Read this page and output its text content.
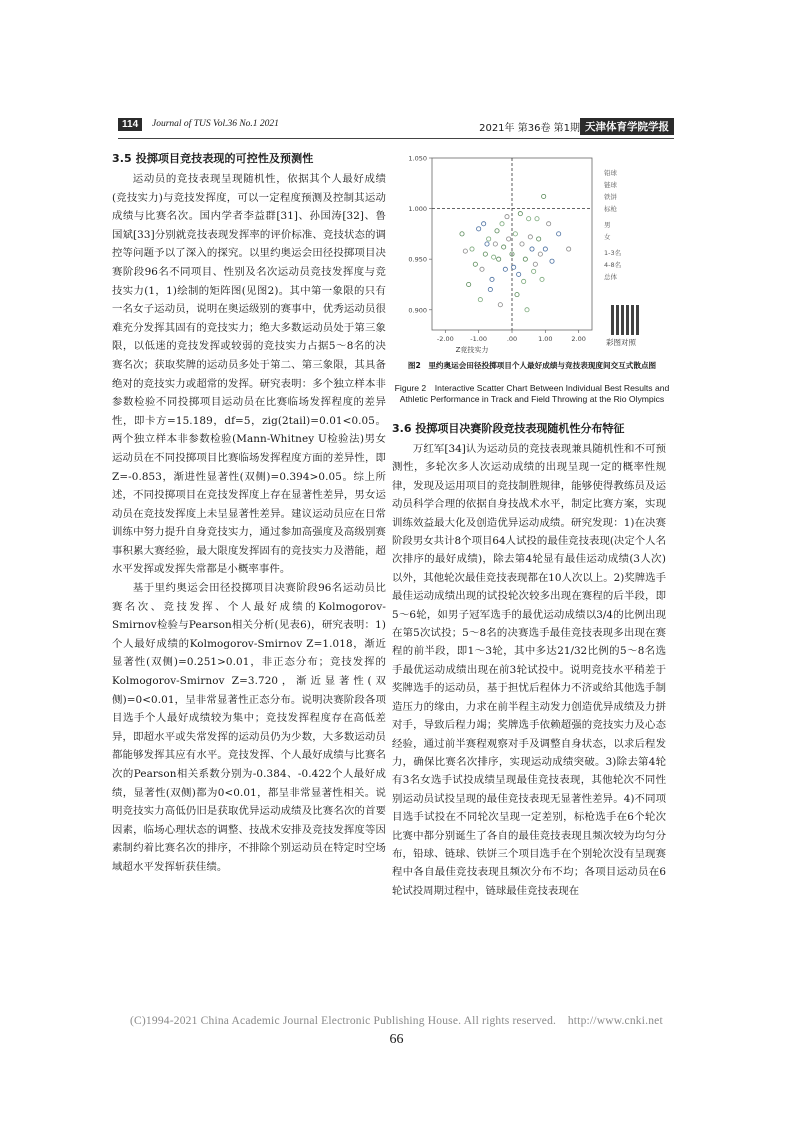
114	Journal of TUS Vol.36 No.1 2021	2021年 第36卷 第1期 天津体育学院学报
3.5 投掷项目竞技表现的可控性及预测性

运动员的竞技表现呈现随机性，依据其个人最好成绩(竞技实力)与竞技发挥度，可以一定程度预测及控制其运动成绩与比赛名次。国内学者李益群[31]、孙国涛[32]、鲁国斌[33]分别就竞技表现发挥率的评价标准、竞技状态的调控等问题予以了深入的探究。以里约奥运会田径投掷项目决赛阶段96名不同项目、性别及名次运动员竞技发挥度与竞技实力(1，1)绘制的矩阵图(见图2)。其中第一象限的只有一名女子运动员，说明在奥运级别的赛事中，优秀运动员很难充分发挥其固有的竞技实力；绝大多数运动员处于第三象限，以低迷的竞技发挥或较弱的竞技实力占据5～8名的决赛名次；获取奖牌的运动员多处于第二、第三象限，其具备绝对的竞技实力或超常的发挥。研究表明：多个独立样本非参数检验不同投掷项目运动员在比赛临场发挥程度的差异性，即卡方=15.189，df=5，zig(2tail)=0.01<0.05。两个独立样本非参数检验(Mann-Whitney U检验法)男女运动员在不同投掷项目比赛临场发挥程度方面的差异性，即Z=-0.853，渐进性显著性(双侧)=0.394>0.05。综上所述，不同投掷项目在竞技发挥度上存在显著性差异，男女运动员在竞技发挥度上未呈显著性差异。建议运动员应在日常训练中努力提升自身竞技实力，通过参加高强度及高级别赛事积累大赛经验，最大限度发挥固有的竞技实力及潜能，超水平发挥或发挥失常都是小概率事件。

基于里约奥运会田径投掷项目决赛阶段96名运动员比赛名次、竞技发挥、个人最好成绩的Kolmogorov-Smirnov检验与Pearson相关分析(见表6)，研究表明：1)个人最好成绩的Kolmogorov-Smirnov Z=1.018，渐近显著性(双侧)=0.251>0.01，非正态分布；竞技发挥的Kolmogorov-Smirnov Z=3.720，渐近显著性(双侧)=0<0.01，呈非常显著性正态分布。说明决赛阶段各项目选手个人最好成绩较为集中；竞技发挥程度存在高低差异，即超水平或失常发挥的运动员仍为少数，大多数运动员都能够发挥其应有水平。竞技发挥、个人最好成绩与比赛名次的Pearson相关系数分别为-0.384、-0.422个人最好成绩，显著性(双侧)都为0<0.01，都呈非常显著性相关。说明竞技实力高低仍旧是获取优异运动成绩及比赛名次的首要因素，临场心理状态的调整、技战术安排及竞技发挥度等因素制约着比赛名次的排序，不排除个别运动员在特定时空场域超水平发挥斩获佳绩。

1.050
1.000
0.950
0.900
-2.00	-1.00	.00	1.00	2.00
Z竞技实力
铅球
链球
铁饼
标枪
男
女
1-3名
4-8名
总体
彩图对照
图2　里约奥运会田径投掷项目个人最好成绩与竞技表现度间交互式散点图
Figure 2　Interactive Scatter Chart Between Individual Best Results and Athletic Performance in Track and Field Throwing at the Rio Olympics
3.6 投掷项目决赛阶段竞技表现随机性分布特征

万红军[34]认为运动员的竞技表现兼具随机性和不可预测性，多轮次多人次运动成绩的出现呈现一定的概率性规律，发现及运用项目的竞技制胜规律，能够使得教练员及运动员科学合理的依据自身技战术水平，制定比赛方案，实现训练效益最大化及创造优异运动成绩。研究发现：1)在决赛阶段男女共计8个项目64人试投的最佳竞技表现(决定个人名次排序的最好成绩)，除去第4轮显有最佳运动成绩(3人次)以外，其他轮次最佳竞技表现都在10人次以上。2)奖牌选手最佳运动成绩出现的试投轮次较多出现在赛程的后半段，即5～6轮，如男子冠军选手的最优运动成绩以3/4的比例出现在第5次试投；5～8名的决赛选手最佳竞技表现多出现在赛程的前半段，即1～3轮，其中多达21/32比例的5～8名选手最优运动成绩出现在前3轮试投中。说明竞技水平稍差于奖牌选手的运动员，基于担忧后程体力不济或给其他选手制造压力的缘由，力求在前半程主动发力创造优异成绩及力拼对手，导致后程力竭；奖牌选手依赖超强的竞技实力及心态经验，通过前半赛程观察对手及调整自身状态，以求后程发力，确保比赛名次排序，实现运动成绩突破。3)除去第4轮有3名女选手试投成绩呈现最佳竞技表现，其他轮次不同性别运动员试投呈现的最佳竞技表现无显著性差异。4)不同项目选手试投在不同轮次呈现一定差别，标枪选手在6个轮次比赛中都分别诞生了各自的最佳竞技表现且频次较为均匀分布，铅球、链球、铁饼三个项目选手在个别轮次没有呈现赛程中各自最佳竞技表现且频次分布不均；各项目运动员在6轮试投周期过程中，链球最佳竞技表现在

(C)1994-2021 China Academic Journal Electronic Publishing House. All rights reserved.　http://www.cnki.net
66
